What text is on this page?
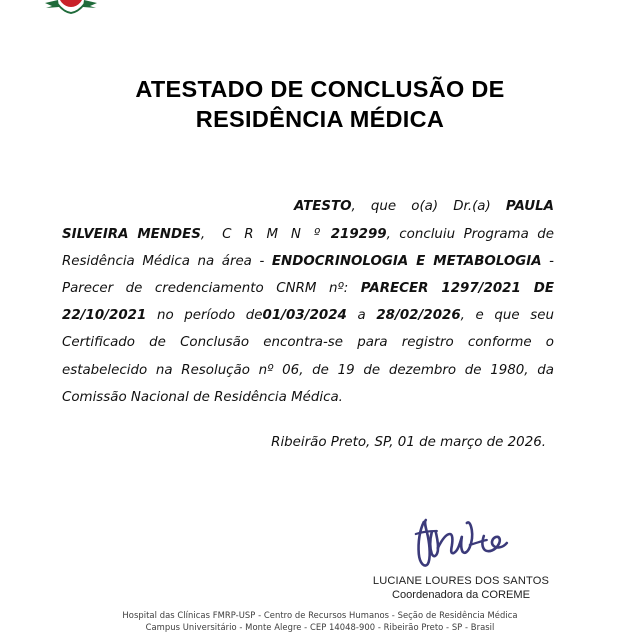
ATESTADO DE CONCLUSÃO DE
RESIDÊNCIA MÉDICA

ATESTO, que o(a) Dr.(a) PAULA SILVEIRA MENDES, C R M N º 219299, concluiu Programa de Residência Médica na área - ENDOCRINOLOGIA E METABOLOGIA - Parecer de credenciamento CNRM nº: PARECER 1297/2021 DE 22/10/2021 no período de01/03/2024 a 28/02/2026, e que seu Certificado de Conclusão encontra-se para registro conforme o estabelecido na Resolução nº 06, de 19 de dezembro de 1980, da Comissão Nacional de Residência Médica.

Ribeirão Preto, SP, 01 de março de 2026.
LUCIANE LOURES DOS SANTOS
Coordenadora da COREME
Hospital das Clínicas FMRP-USP - Centro de Recursos Humanos - Seção de Residência Médica
Campus Universitário - Monte Alegre - CEP 14048-900 - Ribeirão Preto - SP - Brasil
